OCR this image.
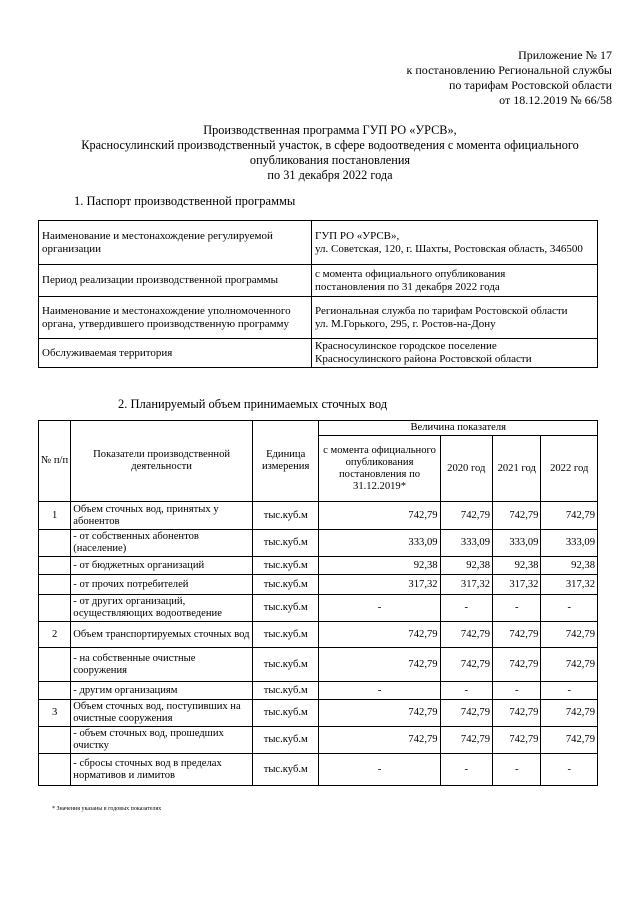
Приложение № 17
к постановлению Региональной службы
по тарифам Ростовской области
от 18.12.2019 № 66/58
Производственная программа ГУП РО «УРСВ»,
Красносулинский производственный участок, в сфере водоотведения с момента официального
опубликования постановления
по 31 декабря 2022 года
1. Паспорт производственной программы
Наименование и местонахождение регулируемой организации	ГУП РО «УРСВ»,
ул. Советская, 120, г. Шахты, Ростовская область, 346500

Период реализации производственной программы	с момента официального опубликования
постановления по 31 декабря 2022 года

Наименование и местонахождение уполномоченного органа, утвердившего производственную программу	Региональная служба по тарифам Ростовской области
ул. М.Горького, 295, г. Ростов-на-Дону

Обслуживаемая территория	Красносулинское городское поселение
Красносулинского района Ростовской области
2. Планируемый объем принимаемых сточных вод
№ п/п	Показатели производственной деятельности	Единица измерения	Величина показателя			
			с момента официального опубликования постановления по 31.12.2019*	2020 год	2021 год	2022 год
1	Объем сточных вод, принятых у абонентов	тыс.куб.м	742,79	742,79	742,79	742,79
	- от собственных абонентов (население)	тыс.куб.м	333,09	333,09	333,09	333,09
	- от бюджетных организаций	тыс.куб.м	92,38	92,38	92,38	92,38
	- от прочих потребителей	тыс.куб.м	317,32	317,32	317,32	317,32
	- от других организаций, осуществляющих водоотведение	тыс.куб.м	-	-	-	-
2	Объем транспортируемых сточных вод	тыс.куб.м	742,79	742,79	742,79	742,79
	- на собственные очистные сооружения	тыс.куб.м	742,79	742,79	742,79	742,79
	- другим организациям	тыс.куб.м	-	-	-	-
3	Объем сточных вод, поступивших на очистные сооружения	тыс.куб.м	742,79	742,79	742,79	742,79
	- объем сточных вод, прошедших очистку	тыс.куб.м	742,79	742,79	742,79	742,79
	- сбросы сточных вод в пределах нормативов и лимитов	тыс.куб.м	-	-	-	-
* Значения указаны в годовых показателях
